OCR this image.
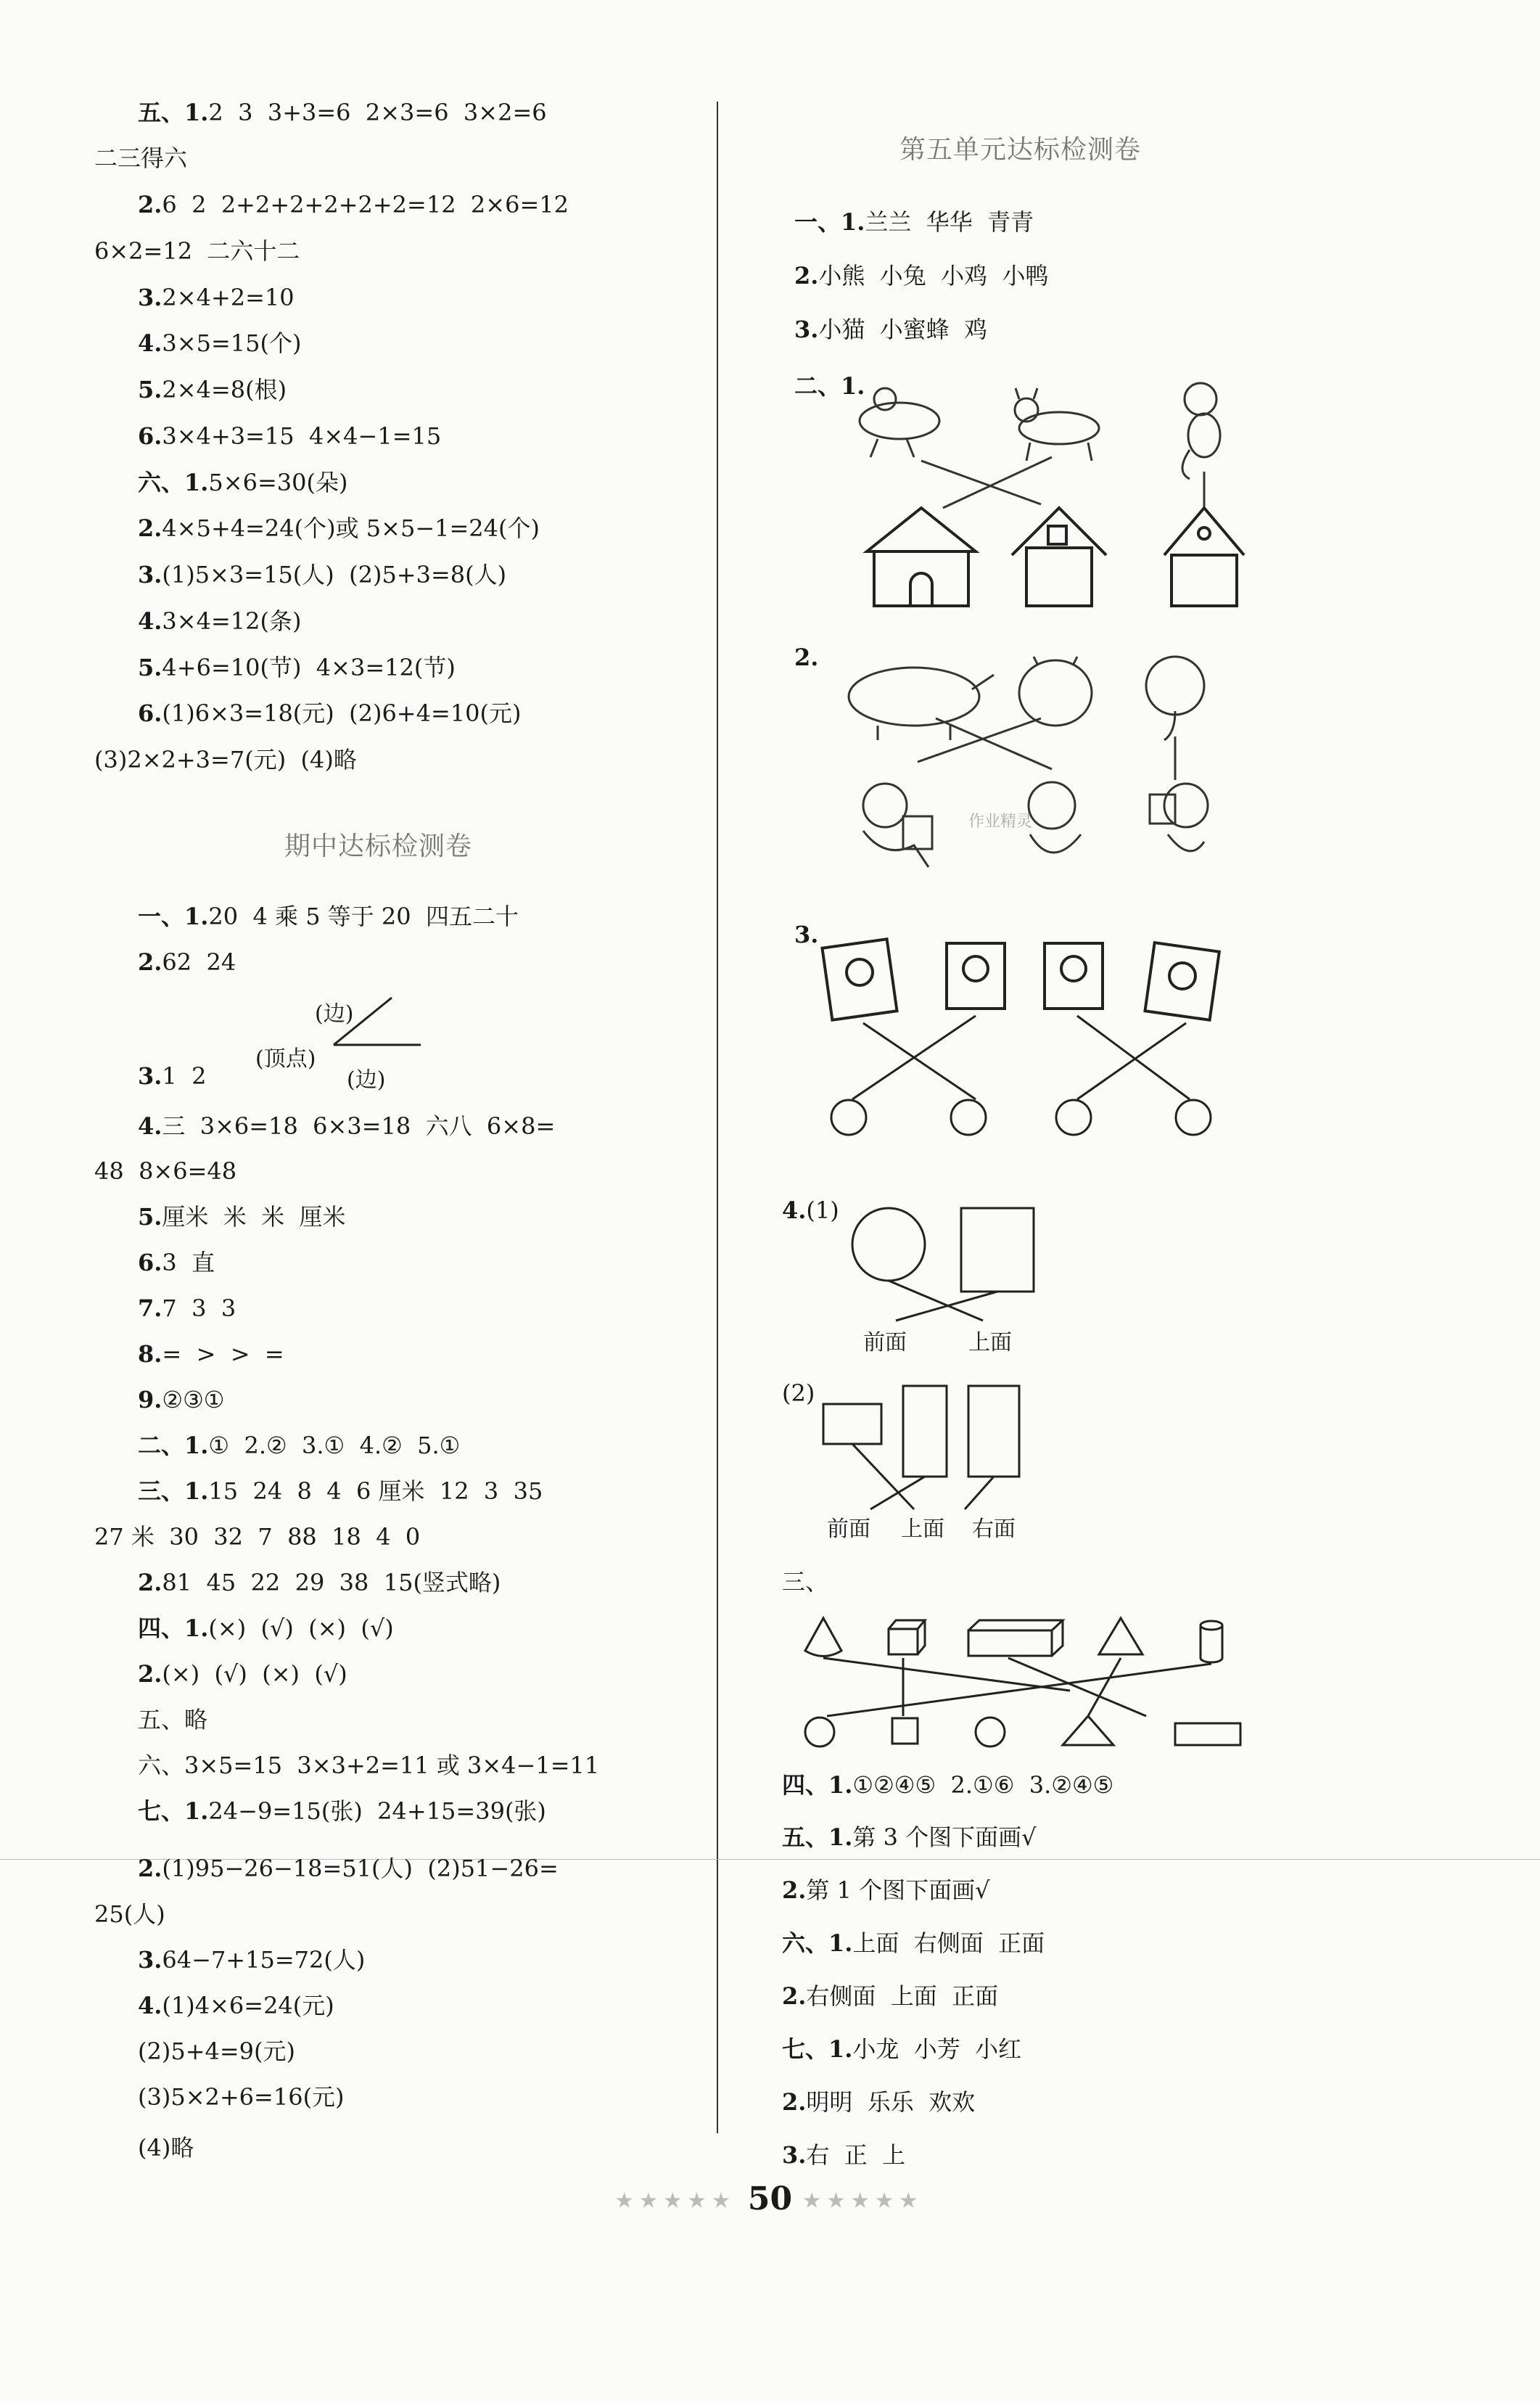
五、1.2  3  3+3=6  2×3=6  3×2=6
二三得六
2.6  2  2+2+2+2+2+2=12  2×6=12
6×2=12  二六十二
3.2×4+2=10
4.3×5=15(个)
5.2×4=8(根)
6.3×4+3=15  4×4−1=15
六、1.5×6=30(朵)
2.4×5+4=24(个)或 5×5−1=24(个)
3.(1)5×3=15(人)  (2)5+3=8(人)
4.3×4=12(条)
5.4+6=10(节)  4×3=12(节)
6.(1)6×3=18(元)  (2)6+4=10(元)
(3)2×2+3=7(元)  (4)略
期中达标检测卷
一、1.20  4 乘 5 等于 20  四五二十
2.62  24
(边)
(顶点)
(边)
3.1  2
4.三  3×6=18  6×3=18  六八  6×8=
48  8×6=48
5.厘米  米  米  厘米
6.3  直
7.7  3  3
8.=  >  >  =
9.②③①
二、1.①  2.②  3.①  4.②  5.①
三、1.15  24  8  4  6 厘米  12  3  35
27 米  30  32  7  88  18  4  0
2.81  45  22  29  38  15(竖式略)
四、1.(×)  (√)  (×)  (√)
2.(×)  (√)  (×)  (√)
五、略
六、3×5=15  3×3+2=11 或 3×4−1=11
七、1.24−9=15(张)  24+15=39(张)
2.(1)95−26−18=51(人)  (2)51−26=
25(人)
3.64−7+15=72(人)
4.(1)4×6=24(元)
(2)5+4=9(元)
(3)5×2+6=16(元)
(4)略
第五单元达标检测卷
一、1.兰兰  华华  青青
2.小熊  小兔  小鸡  小鸭
3.小猫  小蜜蜂  鸡
二、1.
2.
作业精灵
3.
4.(1)
前面	上面
(2)
前面 上面 右面
三、
四、1.①②④⑤  2.①⑥  3.②④⑤
五、1.第 3 个图下面画√
2.第 1 个图下面画√
六、1.上面  右侧面  正面
2.右侧面  上面  正面
七、1.小龙  小芳  小红
2.明明  乐乐  欢欢
3.右  正  上
★★★★★ 50 ★★★★★
